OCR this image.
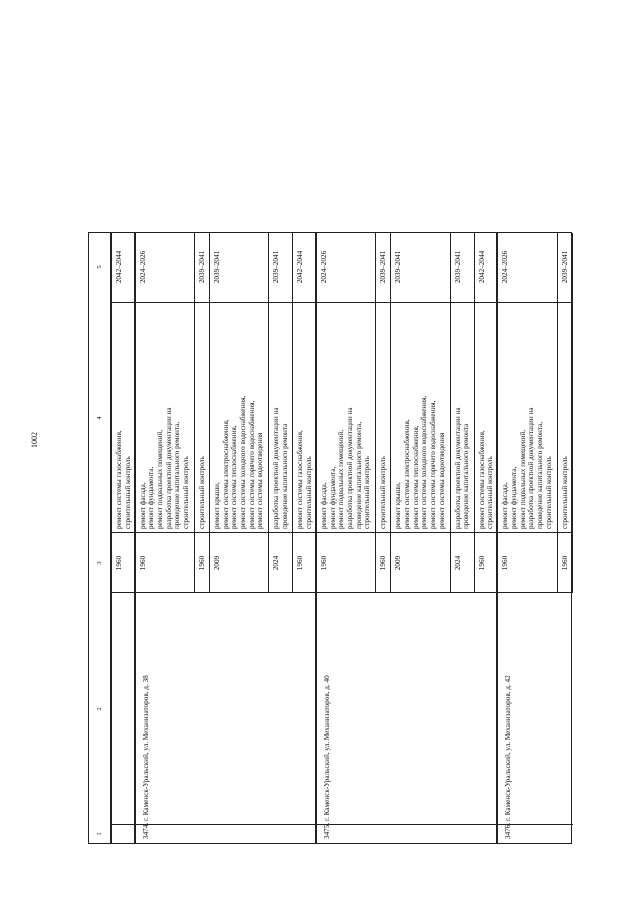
1002
1
2
3
4
5
1960
ремонт системы газоснабжения, строительный контроль
2042–2044
3474.
г. Каменск-Уральский, ул. Механизаторов, д. 38
1960
ремонт фасада, ремонт фундамента, ремонт подвальных помещений, разработка проектной документации на проведение капитального ремонта, строительный контроль
2024–2026
1960
строительный контроль
2039–2041
2009
ремонт крыши, ремонт системы электроснабжения, ремонт системы теплоснабжения, ремонт системы холодного водоснабжения, ремонт системы горячего водоснабжения, ремонт системы водоотведения
2039–2041
2024
разработка проектной документации на проведение капитального ремонта
2039–2041
1960
ремонт системы газоснабжения, строительный контроль
2042–2044
3475.
г. Каменск-Уральский, ул. Механизаторов, д. 40
1960
ремонт фасада, ремонт фундамента, ремонт подвальных помещений, разработка проектной документации на проведение капитального ремонта, строительный контроль
2024–2026
1960
строительный контроль
2039–2041
2009
ремонт крыши, ремонт системы электроснабжения, ремонт системы теплоснабжения, ремонт системы холодного водоснабжения, ремонт системы горячего водоснабжения, ремонт системы водоотведения
2039–2041
2024
разработка проектной документации на проведение капитального ремонта
2039–2041
1960
ремонт системы газоснабжения, строительный контроль
2042–2044
3476.
г. Каменск-Уральский, ул. Механизаторов, д. 42
1960
ремонт фасада, ремонт фундамента, ремонт подвальных помещений, разработка проектной документации на проведение капитального ремонта, строительный контроль
2024–2026
1960
строительный контроль
2039–2041
